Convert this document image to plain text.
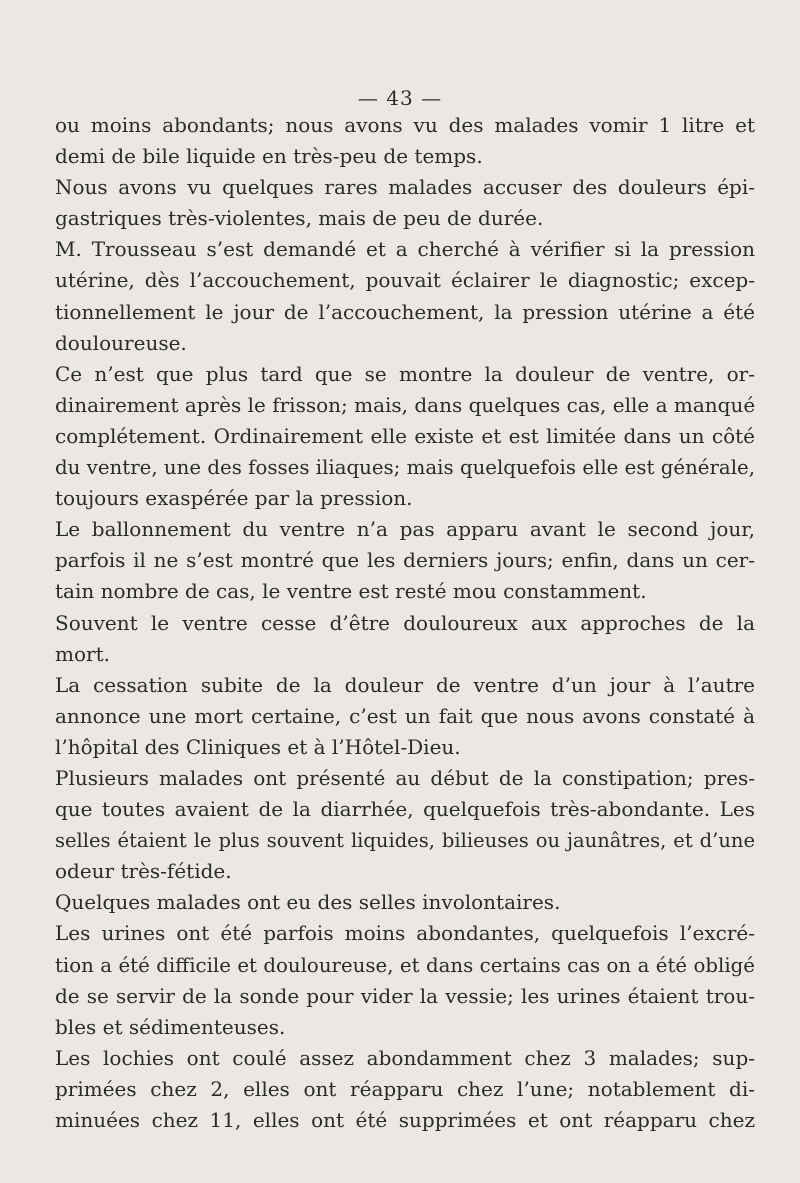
— 43 —
ou moins abondants; nous avons vu des malades vomir 1 litre et
demi de bile liquide en très-peu de temps.
Nous avons vu quelques rares malades accuser des douleurs épi-
gastriques très-violentes, mais de peu de durée.
M. Trousseau s’est demandé et a cherché à vérifier si la pression
utérine, dès l’accouchement, pouvait éclairer le diagnostic; excep-
tionnellement le jour de l’accouchement, la pression utérine a été
douloureuse.
Ce n’est que plus tard que se montre la douleur de ventre, or-
dinairement après le frisson; mais, dans quelques cas, elle a manqué
complétement. Ordinairement elle existe et est limitée dans un côté
du ventre, une des fosses iliaques; mais quelquefois elle est générale,
toujours exaspérée par la pression.
Le ballonnement du ventre n’a pas apparu avant le second jour,
parfois il ne s’est montré que les derniers jours; enfin, dans un cer-
tain nombre de cas, le ventre est resté mou constamment.
Souvent le ventre cesse d’être douloureux aux approches de la
mort.
La cessation subite de la douleur de ventre d’un jour à l’autre
annonce une mort certaine, c’est un fait que nous avons constaté à
l’hôpital des Cliniques et à l’Hôtel-Dieu.
Plusieurs malades ont présenté au début de la constipation; pres-
que toutes avaient de la diarrhée, quelquefois très-abondante. Les
selles étaient le plus souvent liquides, bilieuses ou jaunâtres, et d’une
odeur très-fétide.
Quelques malades ont eu des selles involontaires.
Les urines ont été parfois moins abondantes, quelquefois l’excré-
tion a été difficile et douloureuse, et dans certains cas on a été obligé
de se servir de la sonde pour vider la vessie; les urines étaient trou-
bles et sédimenteuses.
Les lochies ont coulé assez abondamment chez 3 malades; sup-
primées chez 2, elles ont réapparu chez l’une; notablement di-
minuées chez 11, elles ont été supprimées et ont réapparu chez
